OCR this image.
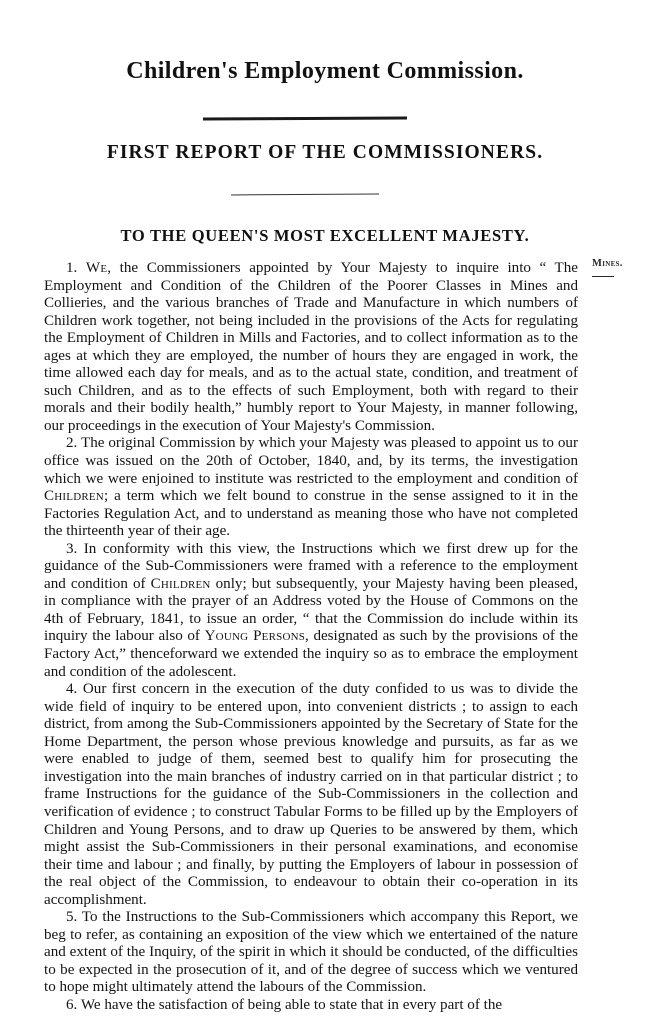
Children's Employment Commission.
FIRST REPORT OF THE COMMISSIONERS.
TO THE QUEEN'S MOST EXCELLENT MAJESTY.
Mines.

1. We, the Commissioners appointed by Your Majesty to inquire into “ The Employment and Condition of the Children of the Poorer Classes in Mines and Collieries, and the various branches of Trade and Manufacture in which numbers of Children work together, not being included in the provisions of the Acts for regulating the Employment of Children in Mills and Factories, and to collect information as to the ages at which they are employed, the number of hours they are engaged in work, the time allowed each day for meals, and as to the actual state, condition, and treatment of such Children, and as to the effects of such Employment, both with regard to their morals and their bodily health,” humbly report to Your Majesty, in manner following, our proceedings in the execution of Your Majesty's Commission.

2. The original Commission by which your Majesty was pleased to appoint us to our office was issued on the 20th of October, 1840, and, by its terms, the investigation which we were enjoined to institute was restricted to the employment and condition of Children; a term which we felt bound to construe in the sense assigned to it in the Factories Regulation Act, and to understand as meaning those who have not completed the thirteenth year of their age.

3. In conformity with this view, the Instructions which we first drew up for the guidance of the Sub-Commissioners were framed with a reference to the employment and condition of Children only; but subsequently, your Majesty having been pleased, in compliance with the prayer of an Address voted by the House of Commons on the 4th of February, 1841, to issue an order, “ that the Commission do include within its inquiry the labour also of Young Persons, designated as such by the provisions of the Factory Act,” thenceforward we extended the inquiry so as to embrace the employment and condition of the adolescent.

4. Our first concern in the execution of the duty confided to us was to divide the wide field of inquiry to be entered upon, into convenient districts ; to assign to each district, from among the Sub-Commissioners appointed by the Secretary of State for the Home Department, the person whose previous knowledge and pursuits, as far as we were enabled to judge of them, seemed best to qualify him for prosecuting the investigation into the main branches of industry carried on in that particular district ; to frame Instructions for the guidance of the Sub-Commissioners in the collection and verification of evidence ; to construct Tabular Forms to be filled up by the Employers of Children and Young Persons, and to draw up Queries to be answered by them, which might assist the Sub-Commissioners in their personal examinations, and economise their time and labour ; and finally, by putting the Employers of labour in possession of the real object of the Commission, to endeavour to obtain their co-operation in its accomplishment.

5. To the Instructions to the Sub-Commissioners which accompany this Report, we beg to refer, as containing an exposition of the view which we entertained of the nature and extent of the Inquiry, of the spirit in which it should be conducted, of the difficulties to be expected in the prosecution of it, and of the degree of success which we ventured to hope might ultimately attend the labours of the Commission.

6. We have the satisfaction of being able to state that in every part of the
